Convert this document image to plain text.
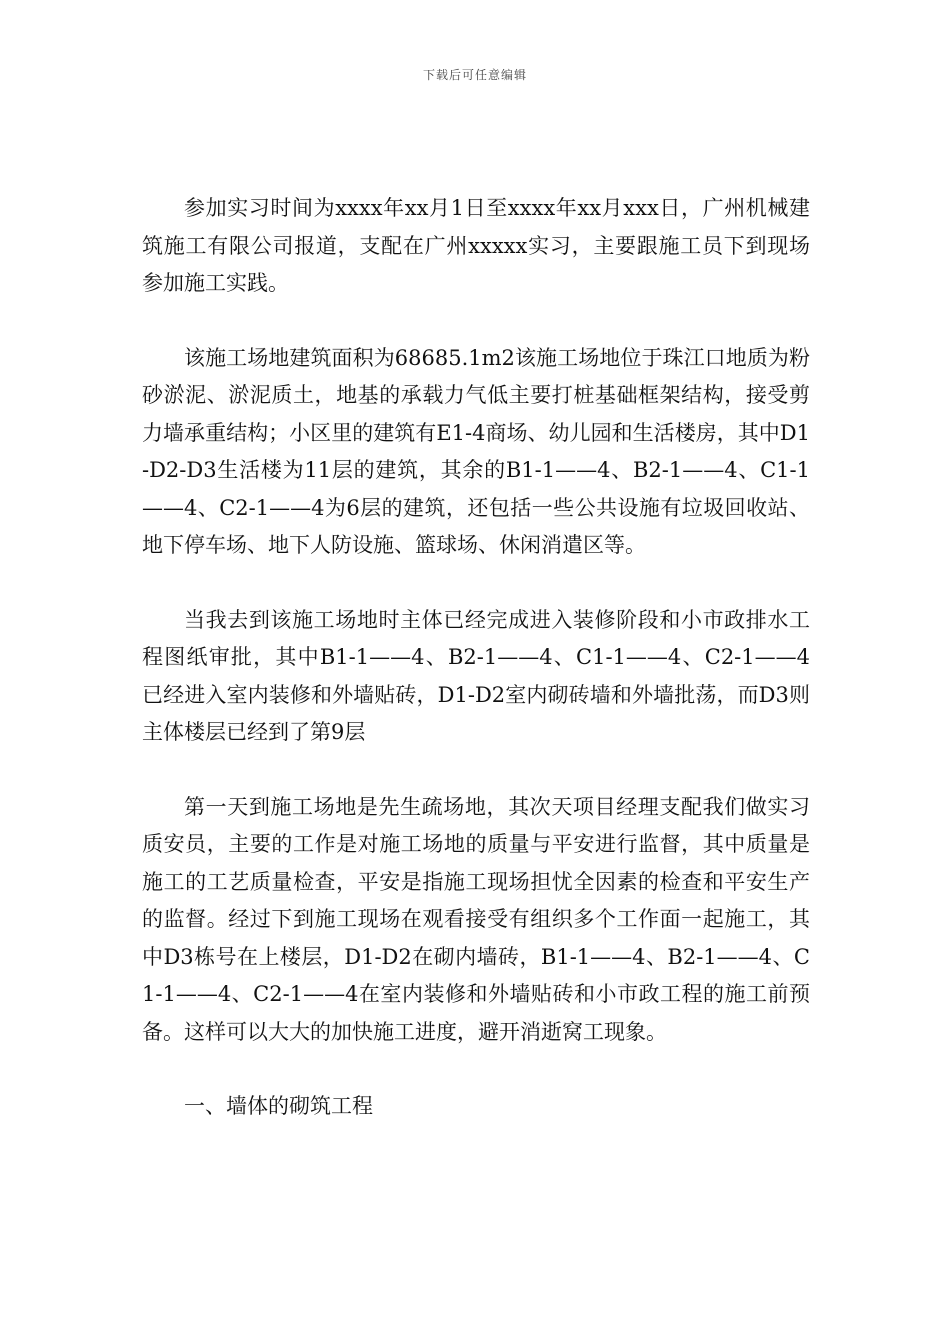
下载后可任意编辑

参加实习时间为xxxx年xx月1日至xxxx年xx月xxx日，广州机械建筑施工有限公司报道，支配在广州xxxxx实习，主要跟施工员下到现场参加施工实践。

该施工场地建筑面积为68685.1m2该施工场地位于珠江口地质为粉砂淤泥、淤泥质土，地基的承载力气低主要打桩基础框架结构，接受剪力墙承重结构；小区里的建筑有E1-4商场、幼儿园和生活楼房，其中D1-D2-D3生活楼为11层的建筑，其余的B1-1——4、B2-1——4、C1-1——4、C2-1——4为6层的建筑，还包括一些公共设施有垃圾回收站、地下停车场、地下人防设施、篮球场、休闲消遣区等。

当我去到该施工场地时主体已经完成进入装修阶段和小市政排水工程图纸审批，其中B1-1——4、B2-1——4、C1-1——4、C2-1——4已经进入室内装修和外墙贴砖，D1-D2室内砌砖墙和外墙批荡，而D3则主体楼层已经到了第9层

第一天到施工场地是先生疏场地，其次天项目经理支配我们做实习质安员，主要的工作是对施工场地的质量与平安进行监督，其中质量是施工的工艺质量检查，平安是指施工现场担忧全因素的检查和平安生产的监督。经过下到施工现场在观看接受有组织多个工作面一起施工，其中D3栋号在上楼层，D1-D2在砌内墙砖，B1-1——4、B2-1——4、C1-1——4、C2-1——4在室内装修和外墙贴砖和小市政工程的施工前预备。这样可以大大的加快施工进度，避开消逝窝工现象。

一、墙体的砌筑工程
